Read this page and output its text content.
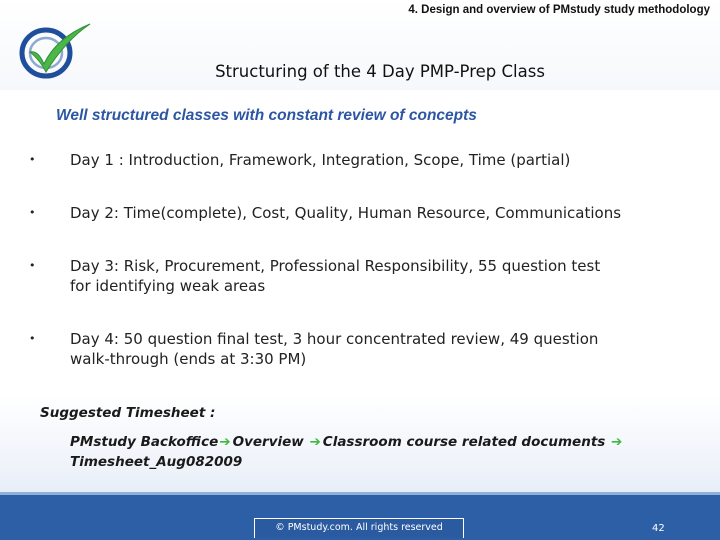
4. Design and overview of PMstudy study methodology
Structuring of the 4 Day PMP-Prep Class
Well structured classes with constant review of concepts
• Day 1 : Introduction, Framework, Integration, Scope, Time (partial)
• Day 2: Time(complete), Cost, Quality, Human Resource, Communications
• Day 3: Risk, Procurement, Professional Responsibility, 55 question test
for identifying weak areas
• Day 4: 50 question final test, 3 hour concentrated review, 49 question
walk-through (ends at 3:30 PM)
Suggested Timesheet :
PMstudy Backoffice➔ Overview ➔ Classroom course related documents ➔
Timesheet_Aug082009
© PMstudy.com. All rights reserved	42
